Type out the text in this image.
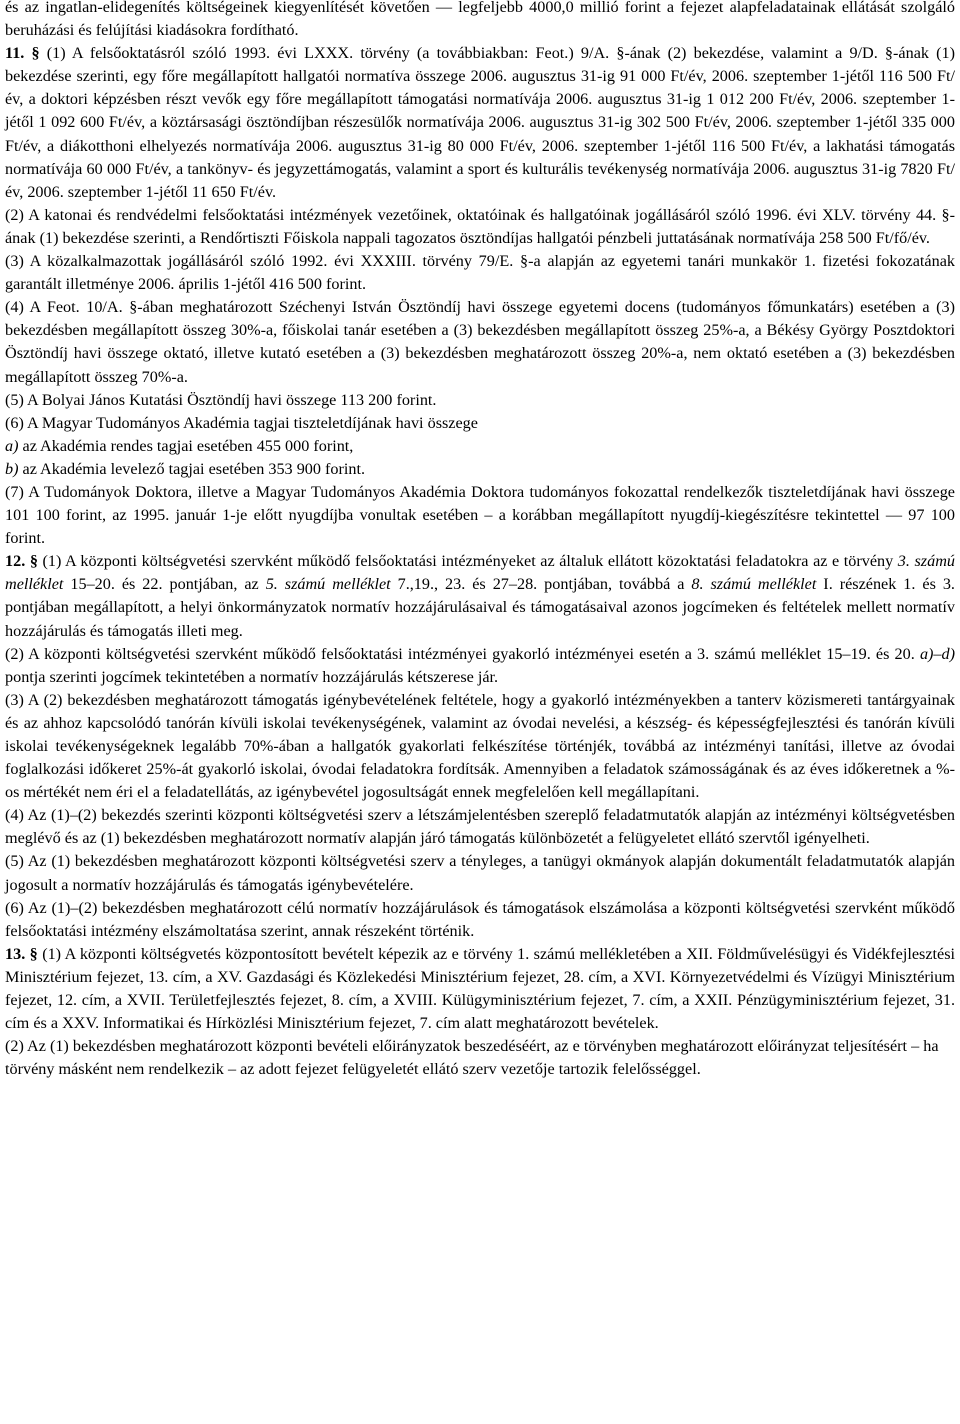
és az ingatlan-elidegenítés költségeinek kiegyenlítését követően — legfeljebb 4000,0 millió forint a fejezet alapfeladatainak ellátását szolgáló beruházási és felújítási kiadásokra fordítható.

11. § (1) A felsőoktatásról szóló 1993. évi LXXX. törvény (a továbbiakban: Feot.) 9/A. §-ának (2) bekezdése, valamint a 9/D. §-ának (1) bekezdése szerinti, egy főre megállapított hallgatói normatíva összege 2006. augusztus 31-ig 91 000 Ft/év, 2006. szeptember 1-jétől 116 500 Ft/év, a doktori képzésben részt vevők egy főre megállapított támogatási normatívája 2006. augusztus 31-ig 1 012 200 Ft/év, 2006. szeptember 1-jétől 1 092 600 Ft/év, a köztársasági ösztöndíjban részesülők normatívája 2006. augusztus 31-ig 302 500 Ft/év, 2006. szeptember 1-jétől 335 000 Ft/év, a diákotthoni elhelyezés normatívája 2006. augusztus 31-ig 80 000 Ft/év, 2006. szeptember 1-jétől 116 500 Ft/év, a lakhatási támogatás normatívája 60 000 Ft/év, a tankönyv- és jegyzettámogatás, valamint a sport és kulturális tevékenység normatívája 2006. augusztus 31-ig 7820 Ft/év, 2006. szeptember 1-jétől 11 650 Ft/év.

(2) A katonai és rendvédelmi felsőoktatási intézmények vezetőinek, oktatóinak és hallgatóinak jogállásáról szóló 1996. évi XLV. törvény 44. §-ának (1) bekezdése szerinti, a Rendőrtiszti Főiskola nappali tagozatos ösztöndíjas hallgatói pénzbeli juttatásának normatívája 258 500 Ft/fő/év.

(3) A közalkalmazottak jogállásáról szóló 1992. évi XXXIII. törvény 79/E. §-a alapján az egyetemi tanári munkakör 1. fizetési fokozatának garantált illetménye 2006. április 1-jétől 416 500 forint.

(4) A Feot. 10/A. §-ában meghatározott Széchenyi István Ösztöndíj havi összege egyetemi docens (tudományos főmunkatárs) esetében a (3) bekezdésben megállapított összeg 30%-a, főiskolai tanár esetében a (3) bekezdésben megállapított összeg 25%-a, a Békésy György Posztdoktori Ösztöndíj havi összege oktató, illetve kutató esetében a (3) bekezdésben meghatározott összeg 20%-a, nem oktató esetében a (3) bekezdésben megállapított összeg 70%-a.

(5) A Bolyai János Kutatási Ösztöndíj havi összege 113 200 forint.

(6) A Magyar Tudományos Akadémia tagjai tiszteletdíjának havi összege

a) az Akadémia rendes tagjai esetében 455 000 forint,

b) az Akadémia levelező tagjai esetében 353 900 forint.

(7) A Tudományok Doktora, illetve a Magyar Tudományos Akadémia Doktora tudományos fokozattal rendelkezők tiszteletdíjának havi összege 101 100 forint, az 1995. január 1-je előtt nyugdíjba vonultak esetében – a korábban megállapított nyugdíj-kiegészítésre tekintettel — 97 100 forint.

12. § (1) A központi költségvetési szervként működő felsőoktatási intézményeket az általuk ellátott közoktatási feladatokra az e törvény 3. számú melléklet 15–20. és 22. pontjában, az 5. számú melléklet 7.,19., 23. és 27–28. pontjában, továbbá a 8. számú melléklet I. részének 1. és 3. pontjában megállapított, a helyi önkormányzatok normatív hozzájárulásaival és támogatásaival azonos jogcímeken és feltételek mellett normatív hozzájárulás és támogatás illeti meg.

(2) A központi költségvetési szervként működő felsőoktatási intézményei gyakorló intézményei esetén a 3. számú melléklet 15–19. és 20. a)–d) pontja szerinti jogcímek tekintetében a normatív hozzájárulás kétszerese jár.

(3) A (2) bekezdésben meghatározott támogatás igénybevételének feltétele, hogy a gyakorló intézményekben a tanterv közismereti tantárgyainak és az ahhoz kapcsolódó tanórán kívüli iskolai tevékenységének, valamint az óvodai nevelési, a készség- és képességfejlesztési és tanórán kívüli iskolai tevékenységeknek legalább 70%-ában a hallgatók gyakorlati felkészítése történjék, továbbá az intézményi tanítási, illetve az óvodai foglalkozási időkeret 25%-át gyakorló iskolai, óvodai feladatokra fordítsák. Amennyiben a feladatok számosságának és az éves időkeretnek a %-os mértékét nem éri el a feladatellátás, az igénybevétel jogosultságát ennek megfelelően kell megállapítani.

(4) Az (1)–(2) bekezdés szerinti központi költségvetési szerv a létszámjelentésben szereplő feladatmutatók alapján az intézményi költségvetésben meglévő és az (1) bekezdésben meghatározott normatív alapján járó támogatás különbözetét a felügyeletet ellátó szervtől igényelheti.

(5) Az (1) bekezdésben meghatározott központi költségvetési szerv a tényleges, a tanügyi okmányok alapján dokumentált feladatmutatók alapján jogosult a normatív hozzájárulás és támogatás igénybevételére.

(6) Az (1)–(2) bekezdésben meghatározott célú normatív hozzájárulások és támogatások elszámolása a központi költségvetési szervként működő felsőoktatási intézmény elszámoltatása szerint, annak részeként történik.

13. § (1) A központi költségvetés központosított bevételt képezik az e törvény 1. számú mellékletében a XII. Földművelésügyi és Vidékfejlesztési Minisztérium fejezet, 13. cím, a XV. Gazdasági és Közlekedési Minisztérium fejezet, 28. cím, a XVI. Környezetvédelmi és Vízügyi Minisztérium fejezet, 12. cím, a XVII. Területfejlesztés fejezet, 8. cím, a XVIII. Külügyminisztérium fejezet, 7. cím, a XXII. Pénzügyminisztérium fejezet, 31. cím és a XXV. Informatikai és Hírközlési Minisztérium fejezet, 7. cím alatt meghatározott bevételek.

(2) Az (1) bekezdésben meghatározott központi bevételi előirányzatok beszedéséért, az e törvényben meghatározott előirányzat teljesítésért – ha törvény másként nem rendelkezik – az adott fejezet felügyeletét ellátó szerv vezetője tartozik felelősséggel.
